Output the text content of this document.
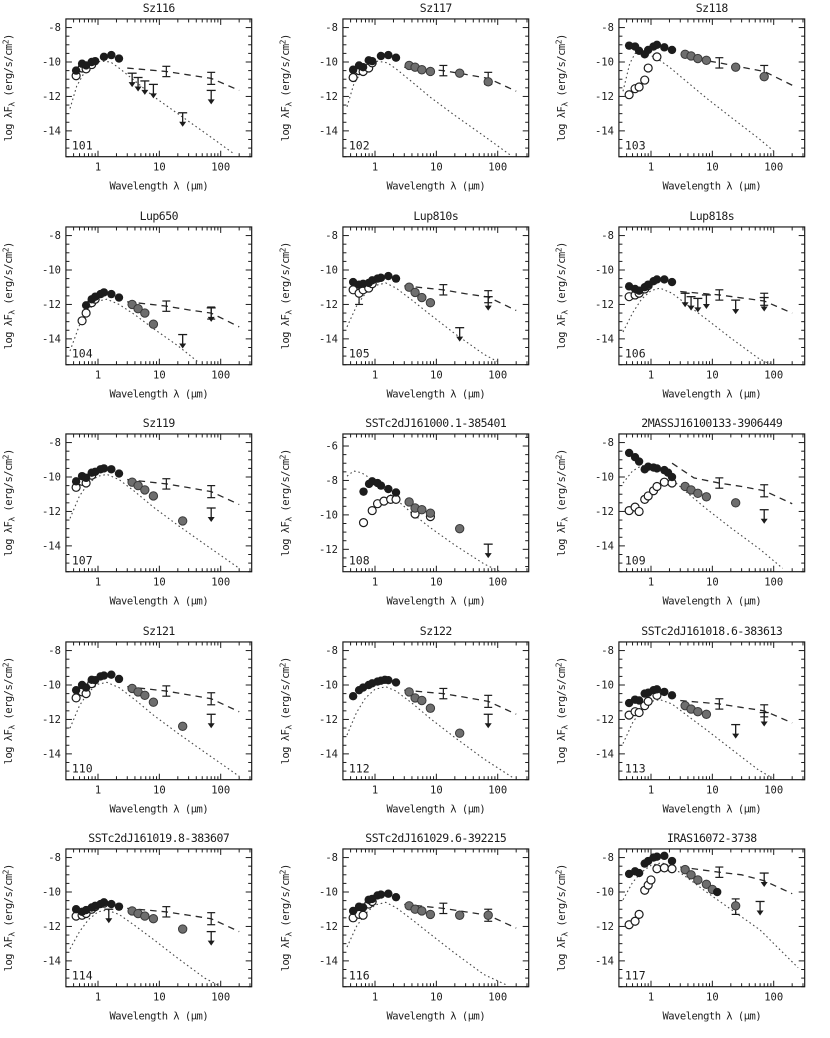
1	10	100
-8
-10
-12
-14
Sz116
Wavelength λ (μm)
$\log \lambda F_\lambda$ $(erg/s/cm^2)$
101
1	10	100
-8
-10
-12
-14
Sz117
Wavelength λ (μm)
$\log \lambda F_\lambda$ $(erg/s/cm^2)$
102
1	10	100
-8
-10
-12
-14
Sz118
Wavelength λ (μm)
$\log \lambda F_\lambda$ $(erg/s/cm^2)$
103
1	10	100
-8
-10
-12
-14
Lup650
Wavelength λ (μm)
$\log \lambda F_\lambda$ $(erg/s/cm^2)$
104
1	10	100
-8
-10
-12
-14
Lup810s
Wavelength λ (μm)
$\log \lambda F_\lambda$ $(erg/s/cm^2)$
105
1	10	100
-8
-10
-12
-14
Lup818s
Wavelength λ (μm)
$\log \lambda F_\lambda$ $(erg/s/cm^2)$
106
1	10	100
-8
-10
-12
-14
Sz119
Wavelength λ (μm)
$\log \lambda F_\lambda$ $(erg/s/cm^2)$
107
1	10	100
-6
-8
-10
-12
SSTc2dJ161000.1-385401
Wavelength λ (μm)
$\log \lambda F_\lambda$ $(erg/s/cm^2)$
108
1	10	100
-8
-10
-12
-14
2MASSJ16100133-3906449
Wavelength λ (μm)
$\log \lambda F_\lambda$ $(erg/s/cm^2)$
109
1	10	100
-8
-10
-12
-14
Sz121
Wavelength λ (μm)
$\log \lambda F_\lambda$ $(erg/s/cm^2)$
110
1	10	100
-8
-10
-12
-14
Sz122
Wavelength λ (μm)
$\log \lambda F_\lambda$ $(erg/s/cm^2)$
112
1	10	100
-8
-10
-12
-14
SSTc2dJ161018.6-383613
Wavelength λ (μm)
$\log \lambda F_\lambda$ $(erg/s/cm^2)$
113
1	10	100
-8
-10
-12
-14
SSTc2dJ161019.8-383607
Wavelength λ (μm)
$\log \lambda F_\lambda$ $(erg/s/cm^2)$
114
1	10	100
-8
-10
-12
-14
SSTc2dJ161029.6-392215
Wavelength λ (μm)
$\log \lambda F_\lambda$ $(erg/s/cm^2)$
116
1	10	100
-8
-10
-12
-14
IRAS16072-3738
Wavelength λ (μm)
$\log \lambda F_\lambda$ $(erg/s/cm^2)$
117
